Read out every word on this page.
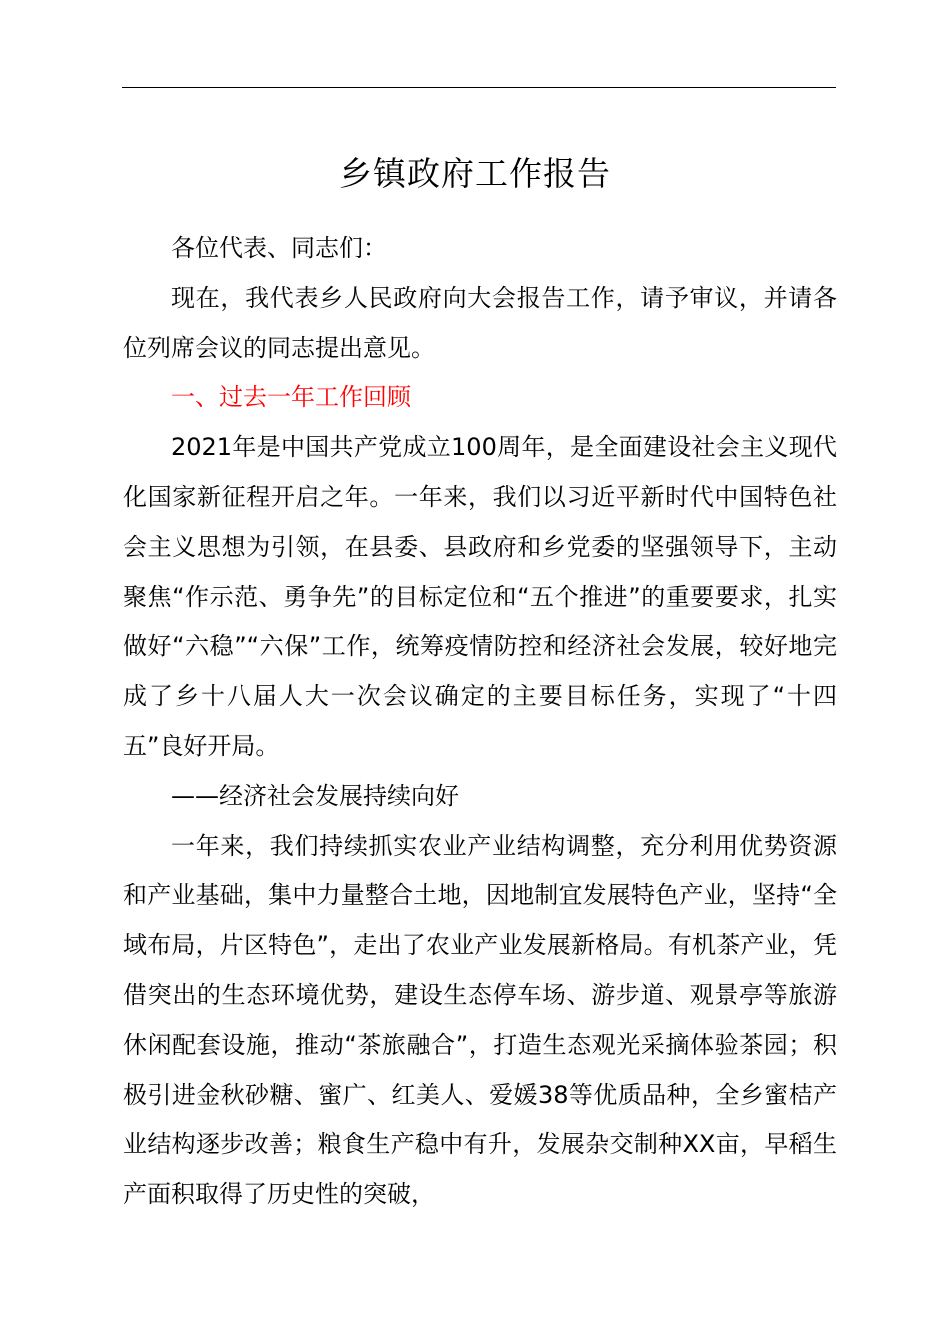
乡镇政府工作报告

各位代表、同志们：

现在，我代表乡人民政府向大会报告工作，请予审议，并请各位列席会议的同志提出意见。

一、过去一年工作回顾

2021年是中国共产党成立100周年，是全面建设社会主义现代化国家新征程开启之年。一年来，我们以习近平新时代中国特色社会主义思想为引领，在县委、县政府和乡党委的坚强领导下，主动聚焦“作示范、勇争先”的目标定位和“五个推进”的重要要求，扎实做好“六稳”“六保”工作，统筹疫情防控和经济社会发展，较好地完成了乡十八届人大一次会议确定的主要目标任务，实现了“十四五”良好开局。

——经济社会发展持续向好

一年来，我们持续抓实农业产业结构调整，充分利用优势资源和产业基础，集中力量整合土地，因地制宜发展特色产业，坚持“全域布局，片区特色”，走出了农业产业发展新格局。有机茶产业，凭借突出的生态环境优势，建设生态停车场、游步道、观景亭等旅游休闲配套设施，推动“茶旅融合”，打造生态观光采摘体验茶园；积极引进金秋砂糖、蜜广、红美人、爱媛38等优质品种，全乡蜜桔产业结构逐步改善；粮食生产稳中有升，发展杂交制种XX亩，早稻生产面积取得了历史性的突破，
